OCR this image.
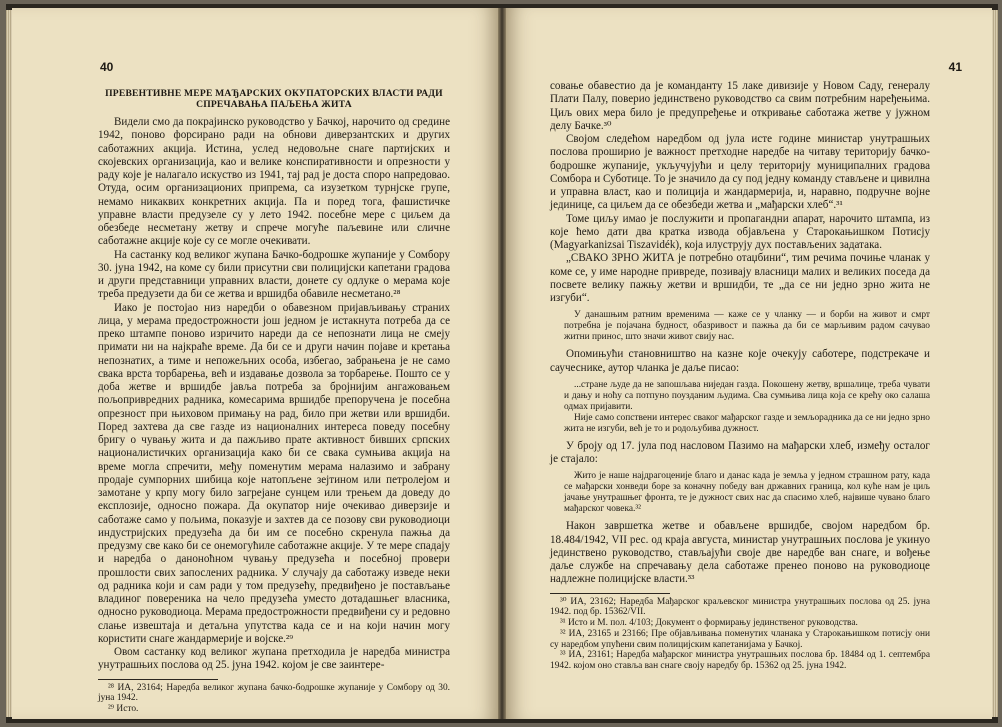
40
ПРЕВЕНТИВНЕ МЕРЕ МАЂАРСКИХ ОКУПАТОРСКИХ ВЛАСТИ РАДИ СПРЕЧАВАЊА ПАЉЕЊА ЖИТА

Видели смо да покрајинско руководство у Бачкој, нарочито од средине 1942, поново форсирано ради на обнови диверзантских и других саботажних акција. Истина, услед недовољне снаге партијских и скојевских организација, као и велике конспиративности и опрезности у раду које је налагало искуство из 1941, тај рад је доста споро напредовао. Отуда, осим организационих припрема, са изузетком турнјске групе, немамо никаквих конкретних акција. Па и поред тога, фашистичке управне власти предузеле су у лето 1942. посебне мере с циљем да обезбеде несметану жетву и спрече могуће паљевине или сличне саботажне акције које су се могле очекивати.

На састанку код великог жупана Бачко-бодрошке жупаније у Сомбору 30. јуна 1942, на коме су били присутни сви полицијски капетани градова и други представници управних власти, донете су одлуке о мерама које треба предузети да би се жетва и вршидба обавиле несметано.²⁸

Иако је постојао низ наредби о обавезном пријављивању страних лица, у мерама предострожности још једном је истакнута потреба да се преко штампе поново изричито нареди да се непознати лица не смеју примати ни на најкраће време. Да би се и други начин појаве и кретања непознатих, а тиме и непожељних особа, избегао, забрањена је не само свака врста торбарења, већ и издавање дозвола за торбарење. Пошто се у доба жетве и вршидбе јавља потреба за бројнијим ангажовањем пољопривредних радника, комесарима вршидбе препоручена је посебна опрезност при њиховом примању на рад, било при жетви или вршидби. Поред захтева да све газде из националних интереса поведу посебну бригу о чувању жита и да пажљиво прате активност бивших српских националистичких организација како би се свака сумњива акција на време могла спречити, међу поменутим мерама налазимо и забрану продаје сумпорних шибица које натопљене зејтином или петролејом и замотане у крпу могу било загрејане сунцем или трењем да доведу до експлозије, односно пожара. Да окупатор није очекивао диверзије и саботаже само у пољима, показује и захтев да се позову сви руководиоци индустријских предузећа да би им се посебно скренула пажња да предузму све како би се онемогућиле саботажне акције. У те мере спадају и наредба о даноноћном чувању предузећа и посебној провери прошлости свих запослених радника. У случају да саботажу изведе неки од радника који и сам ради у том предузећу, предвиђено је постављање владиног повереника на чело предузећа уместо дотадашњег власника, односно руководиоца. Мерама предострожности предвиђени су и редовно слање извештаја и детаљна упутства када се и на који начин могу користити снаге жандармерије и војске.²⁹

Овом састанку код великог жупана претходила је наредба министра унутрашњих послова од 25. јуна 1942. којом је све заинтере-

²⁸ ИА, 23164; Наредба великог жупана бачко-бодрошке жупаније у Сомбору од 30. јуна 1942.

²⁹ Исто.

41

совање обавестио да је команданту 15 лаке дивизије у Новом Саду, генералу Плати Палу, поверио јединствено руководство са свим потребним наређењима. Циљ ових мера било је предупређење и откривање саботажа жетве у јужном делу Бачке.³⁰

Својом следећом наредбом од јула исте године министар унутрашњих послова проширио је важност претходне наредбе на читаву територију бачко-бодрошке жупаније, укључујући и целу територију муниципалних градова Сомбора и Суботице. То је значило да су под једну команду стављене и цивилна и управна власт, као и полиција и жандармерија, и, наравно, подручне војне јединице, са циљем да се обезбеди жетва и „мађарски хлеб“.³¹

Томе циљу имао је послужити и пропагандни апарат, нарочито штампа, из које ћемо дати два кратка извода објављена у Старокањишком Потисју (Magyarkanizsai Tiszavidék), која илуструју дух постављених задатака.

„СВАКО ЗРНО ЖИТА је потребно отаџбини“, тим речима почиње чланак у коме се, у име народне привреде, позивају власници малих и великих поседа да посвете велику пажњу жетви и вршидби, те „да се ни једно зрно жита не изгуби“.

У данашњим ратним временима — каже се у чланку — и борби на живот и смрт потребна је појачана будност, обазривост и пажња да би се марљивим радом сачувао житни принос, што значи живот свију нас.

Опомињући становништво на казне које очекују саботере, подстрекаче и саучеснике, аутор чланка је даље писао:

...стране људе да не запошљава ниједан газда. Покошену жетву, вршалице, треба чувати и дању и ноћу са потпуно поузданим људима. Сва сумњива лица која се крећу око салаша одмах пријавити.

Није само сопствени интерес сваког мађарског газде и земљорадника да се ни једно зрно жита не изгуби, већ је то и родољубива дужност.

У броју од 17. јула под насловом Пазимо на мађарски хлеб, између осталог је стајало:

Жито је наше најдрагоценије благо и данас када је земља у једном страшном рату, када се мађарски хонведи боре за коначну победу ван државних граница, кол куће нам је циљ јачање унутрашњег фронта, те је дужност свих нас да спасимо хлеб, највише чувано благо мађарског човека.³²

Након завршетка жетве и обављене вршидбе, својом наредбом бр. 18.484/1942, VII рес. од краја августа, министар унутрашњих послова је укинуо јединствено руководство, стављајући своје две наредбе ван снаге, и вођење даље службе на спречавању дела саботаже пренео поново на руководиоце надлежне полицијске власти.³³

³⁰ ИА, 23162; Наредба Мађарског краљевског министра унутрашњих послова од 25. јуна 1942. под бр. 15362/VII.

³¹ Исто и М. пол. 4/103; Документ о формирању јединственог руководства.

³² ИА, 23165 и 23166; Пре објављивања поменутих чланака у Старокањишком потисју они су наредбом упућени свим полицијским капетанијама у Бачкој.

³³ ИА, 23161; Наредба мађарског министра унутрашњих послова бр. 18484 од 1. септембра 1942. којом оно ставља ван снаге своју наредбу бр. 15362 од 25. јуна 1942.
